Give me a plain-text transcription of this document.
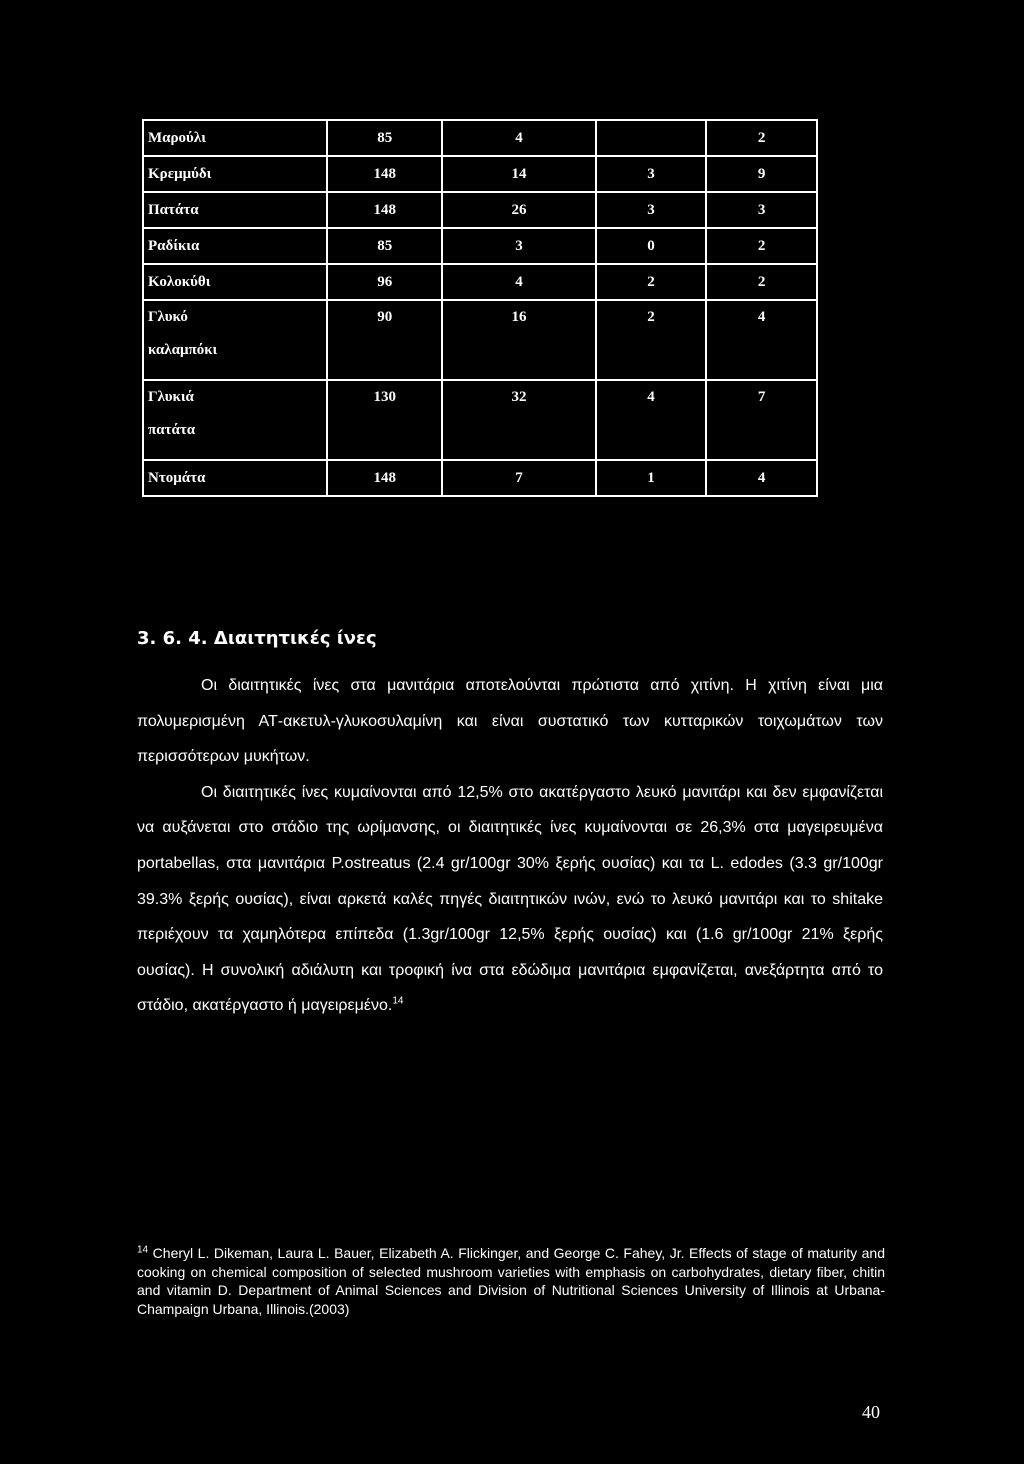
Μαρούλι	85	4		2
Κρεμμύδι	148	14	3	9
Πατάτα	148	26	3	3
Ραδίκια	85	3	0	2
Κολοκύθι	96	4	2	2
Γλυκό
καλαμπόκι	90	16	2	4
Γλυκιά
πατάτα	130	32	4	7
Ντομάτα	148	7	1	4
3. 6. 4. Διαιτητικές ίνες

Οι διαιτητικές ίνες στα μανιτάρια αποτελούνται πρώτιστα από χιτίνη. Η χιτίνη είναι μια πολυμερισμένη ΑΤ-ακετυλ-γλυκοσυλαμίνη και είναι συστατικό των κυτταρικών τοιχωμάτων των περισσότερων μυκήτων.

Οι διαιτητικές ίνες κυμαίνονται από 12,5% στο ακατέργαστο λευκό μανιτάρι και δεν εμφανίζεται να αυξάνεται στο στάδιο της ωρίμανσης, οι διαιτητικές ίνες κυμαίνονται σε 26,3% στα μαγειρευμένα portabellas, στα μανιτάρια P.ostreatus (2.4 gr/100gr 30% ξερής ουσίας) και τα L. edodes (3.3 gr/100gr 39.3% ξερής ουσίας), είναι αρκετά καλές πηγές διαιτητικών ινών, ενώ το λευκό μανιτάρι και το shitake περιέχουν τα χαμηλότερα επίπεδα (1.3gr/100gr 12,5% ξερής ουσίας) και (1.6 gr/100gr 21% ξερής ουσίας). Η συνολική αδιάλυτη και τροφική ίνα στα εδώδιμα μανιτάρια εμφανίζεται, ανεξάρτητα από το στάδιο, ακατέργαστο ή μαγειρεμένο.$^{14}$

$^{14}$ Cheryl L. Dikeman, Laura L. Bauer, Elizabeth A. Flickinger, and George C. Fahey, Jr. Effects of stage of maturity and cooking on chemical composition of selected mushroom varieties with emphasis on carbohydrates, dietary fiber, chitin and vitamin D. Department of Animal Sciences and Division of Nutritional Sciences University of Illinois at Urbana-Champaign Urbana, Illinois.(2003)
40
